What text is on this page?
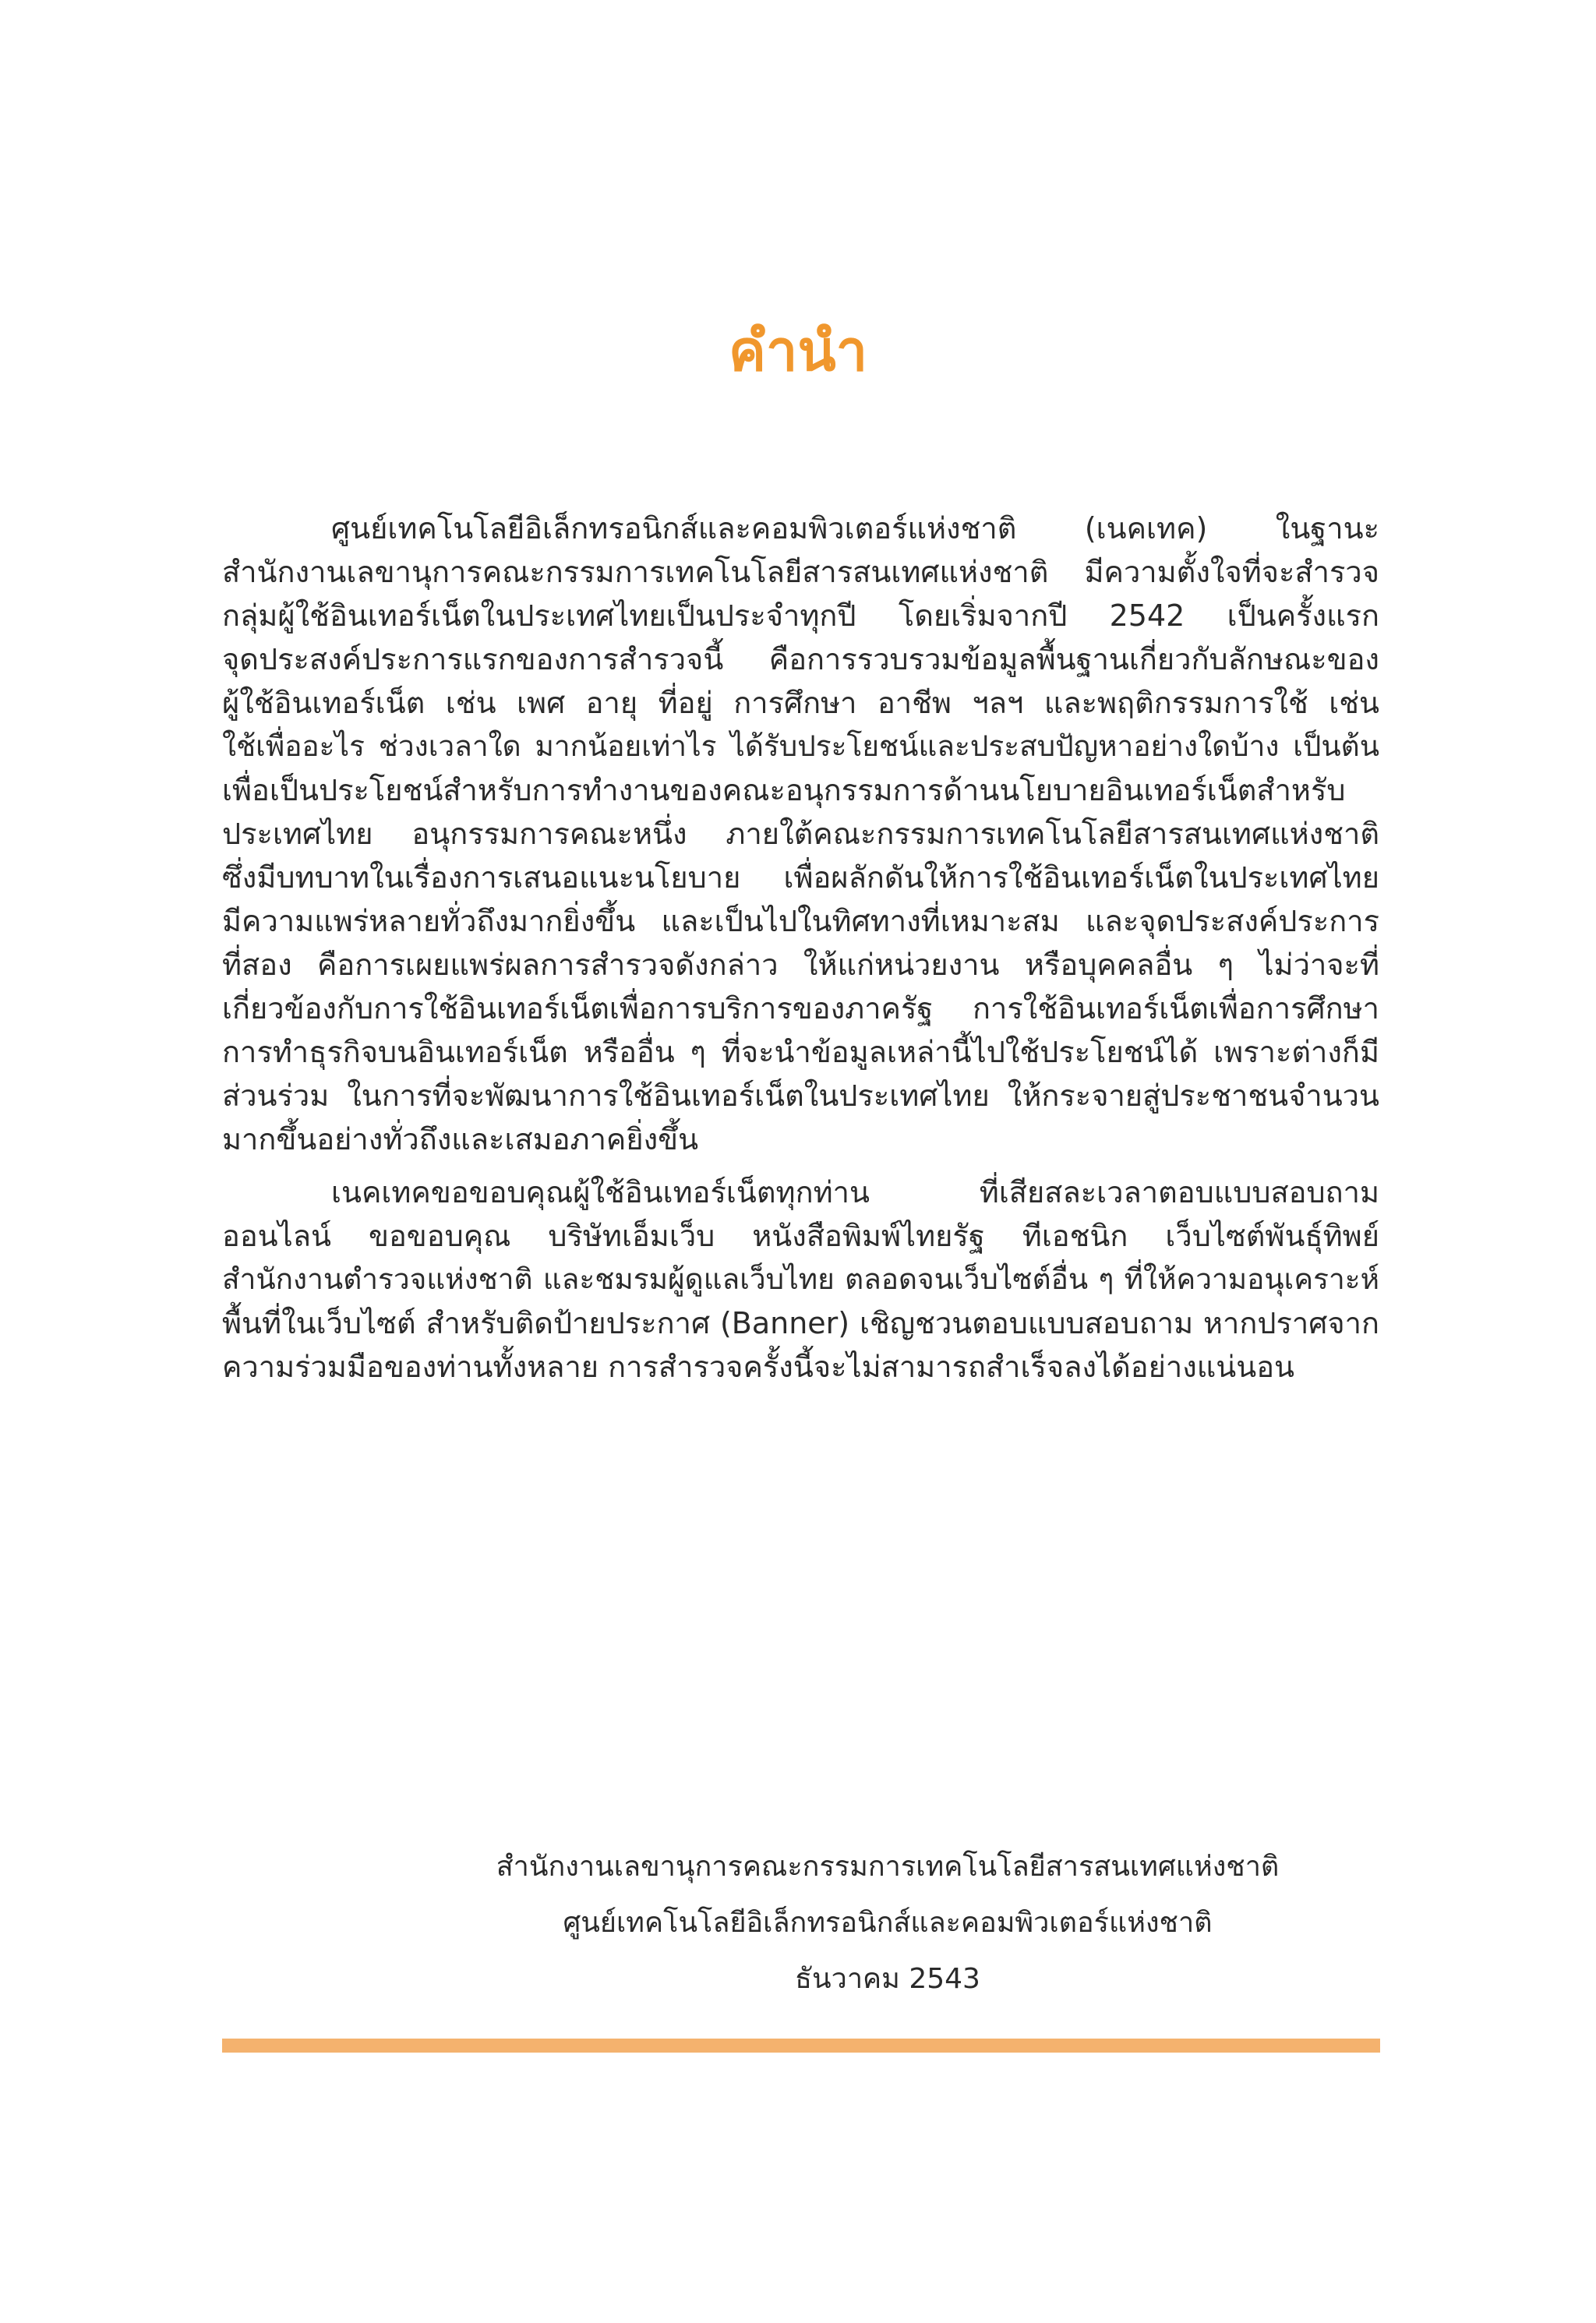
คำนำ

ศูนย์เทคโนโลยีอิเล็กทรอนิกส์และคอมพิวเตอร์แห่งชาติ (เนคเทค) ในฐานะ
สำนักงานเลขานุการคณะกรรมการเทคโนโลยีสารสนเทศแห่งชาติ มีความตั้งใจที่จะสำรวจ
กลุ่มผู้ใช้อินเทอร์เน็ตในประเทศไทยเป็นประจำทุกปี โดยเริ่มจากปี 2542 เป็นครั้งแรก
จุดประสงค์ประการแรกของการสำรวจนี้ คือการรวบรวมข้อมูลพื้นฐานเกี่ยวกับลักษณะของ
ผู้ใช้อินเทอร์เน็ต เช่น เพศ อายุ ที่อยู่ การศึกษา อาชีพ ฯลฯ และพฤติกรรมการใช้ เช่น
ใช้เพื่ออะไร ช่วงเวลาใด มากน้อยเท่าไร ได้รับประโยชน์และประสบปัญหาอย่างใดบ้าง เป็นต้น
เพื่อเป็นประโยชน์สำหรับการทำงานของคณะอนุกรรมการด้านนโยบายอินเทอร์เน็ตสำหรับ
ประเทศไทย อนุกรรมการคณะหนึ่ง ภายใต้คณะกรรมการเทคโนโลยีสารสนเทศแห่งชาติ
ซึ่งมีบทบาทในเรื่องการเสนอแนะนโยบาย เพื่อผลักดันให้การใช้อินเทอร์เน็ตในประเทศไทย
มีความแพร่หลายทั่วถึงมากยิ่งขึ้น และเป็นไปในทิศทางที่เหมาะสม และจุดประสงค์ประการ
ที่สอง คือการเผยแพร่ผลการสำรวจดังกล่าว ให้แก่หน่วยงาน หรือบุคคลอื่น ๆ ไม่ว่าจะที่
เกี่ยวข้องกับการใช้อินเทอร์เน็ตเพื่อการบริการของภาครัฐ การใช้อินเทอร์เน็ตเพื่อการศึกษา
การทำธุรกิจบนอินเทอร์เน็ต หรืออื่น ๆ ที่จะนำข้อมูลเหล่านี้ไปใช้ประโยชน์ได้ เพราะต่างก็มี
ส่วนร่วม ในการที่จะพัฒนาการใช้อินเทอร์เน็ตในประเทศไทย ให้กระจายสู่ประชาชนจำนวน
มากขึ้นอย่างทั่วถึงและเสมอภาคยิ่งขึ้น

เนคเทคขอขอบคุณผู้ใช้อินเทอร์เน็ตทุกท่าน ที่เสียสละเวลาตอบแบบสอบถาม
ออนไลน์ ขอขอบคุณ บริษัทเอ็มเว็บ หนังสือพิมพ์ไทยรัฐ ทีเอชนิก เว็บไซต์พันธุ์ทิพย์
สำนักงานตำรวจแห่งชาติ และชมรมผู้ดูแลเว็บไทย ตลอดจนเว็บไซต์อื่น ๆ ที่ให้ความอนุเคราะห์
พื้นที่ในเว็บไซต์ สำหรับติดป้ายประกาศ (Banner) เชิญชวนตอบแบบสอบถาม หากปราศจาก
ความร่วมมือของท่านทั้งหลาย การสำรวจครั้งนี้จะไม่สามารถสำเร็จลงได้อย่างแน่นอน

สำนักงานเลขานุการคณะกรรมการเทคโนโลยีสารสนเทศแห่งชาติ
ศูนย์เทคโนโลยีอิเล็กทรอนิกส์และคอมพิวเตอร์แห่งชาติ
ธันวาคม 2543
